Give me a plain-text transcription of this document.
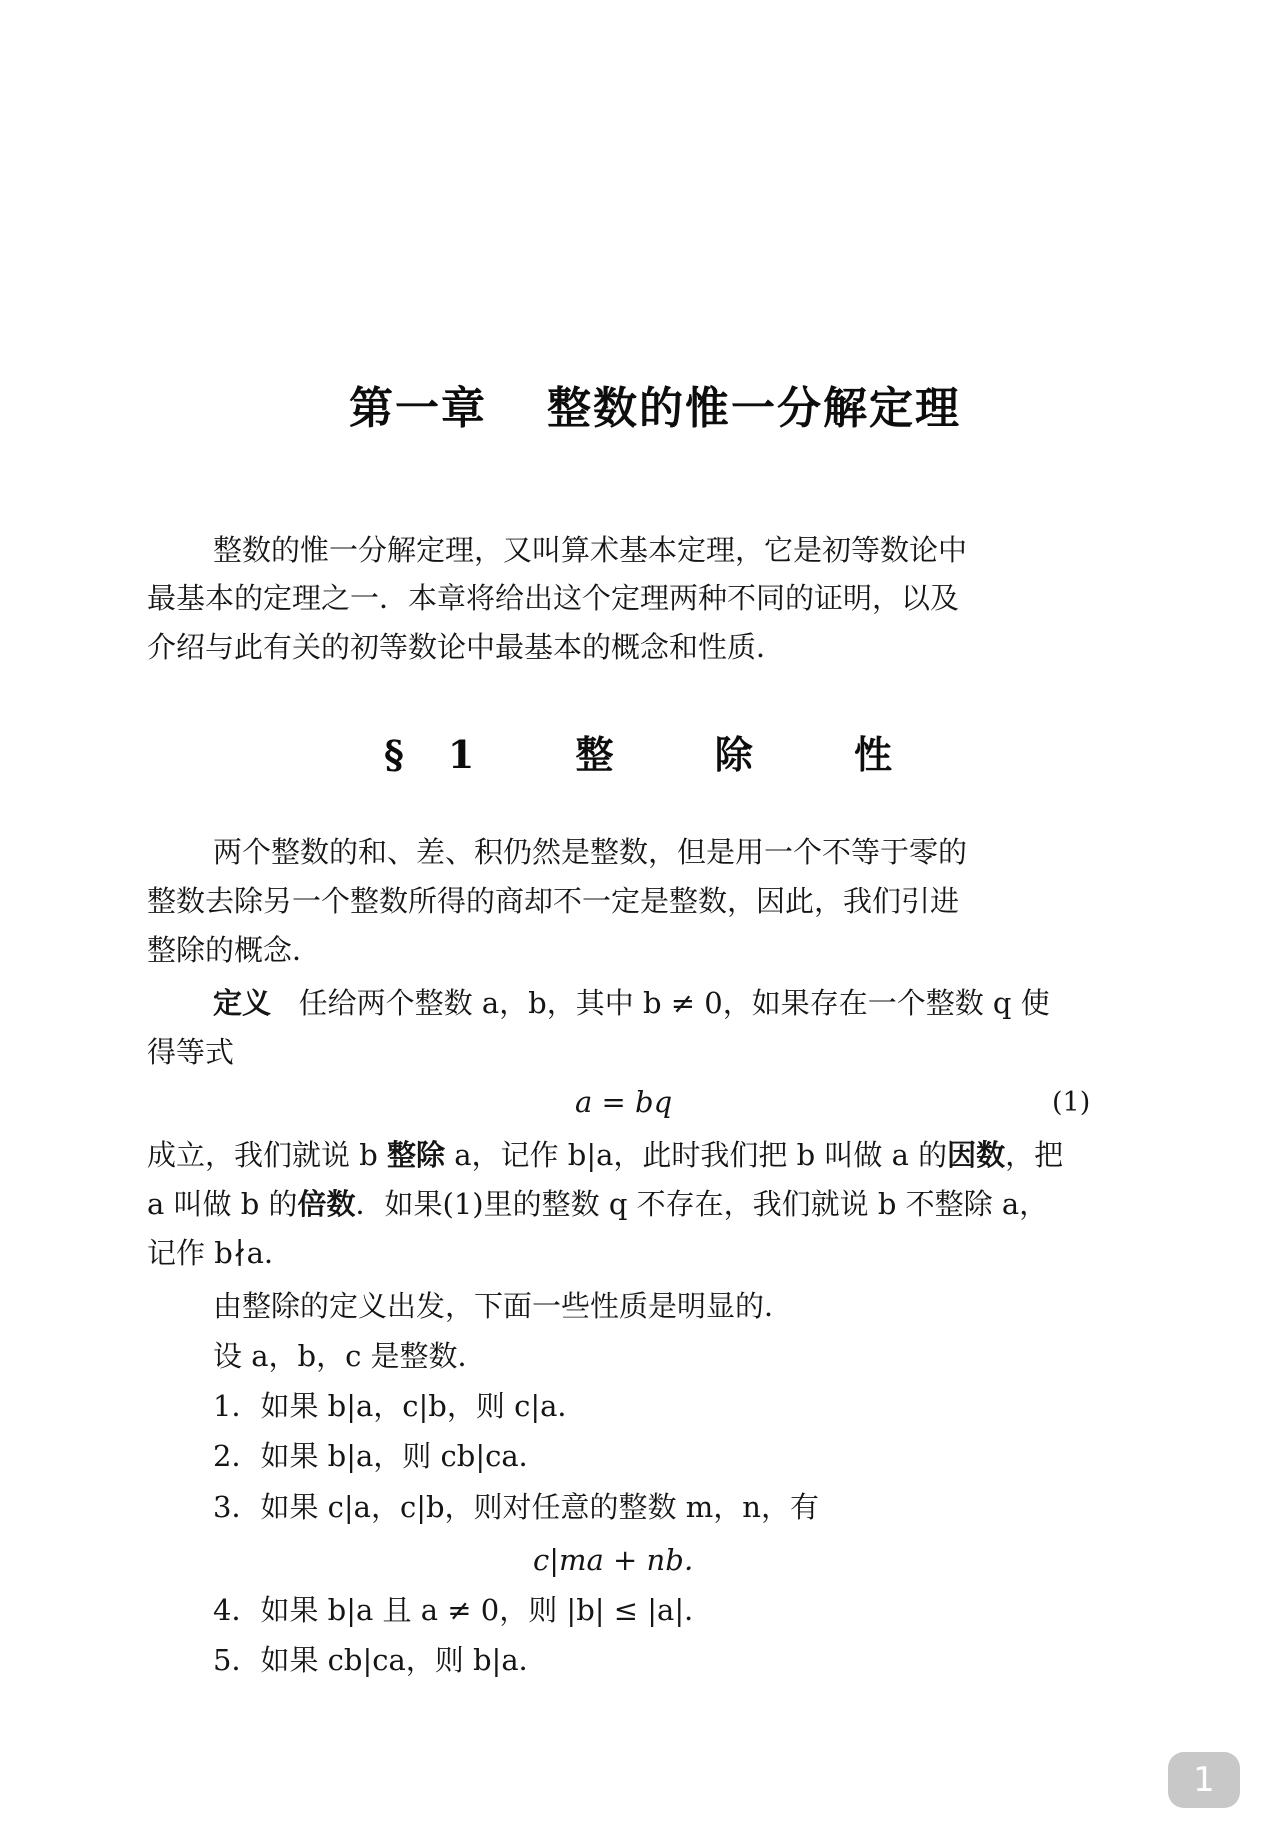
第一章 整数的惟一分解定理
整数的惟一分解定理，又叫算术基本定理，它是初等数论中
最基本的定理之一．本章将给出这个定理两种不同的证明，以及
介绍与此有关的初等数论中最基本的概念和性质．
§1 整 除 性
两个整数的和、差、积仍然是整数，但是用一个不等于零的
整数去除另一个整数所得的商却不一定是整数，因此，我们引进
整除的概念．
定义 任给两个整数 a，b，其中 b ≠ 0，如果存在一个整数 q 使
得等式
a = bq	(1)
成立，我们就说 b 整除 a，记作 b|a，此时我们把 b 叫做 a 的因数，把
a 叫做 b 的倍数．如果(1)里的整数 q 不存在，我们就说 b 不整除 a，
记作 b∤a．
由整除的定义出发，下面一些性质是明显的．
设 a，b，c 是整数．
1．如果 b|a，c|b，则 c|a．
2．如果 b|a，则 cb|ca．
3．如果 c|a，c|b，则对任意的整数 m，n，有
c|ma + nb．
4．如果 b|a 且 a ≠ 0，则 |b| ≤ |a|．
5．如果 cb|ca，则 b|a．
1
